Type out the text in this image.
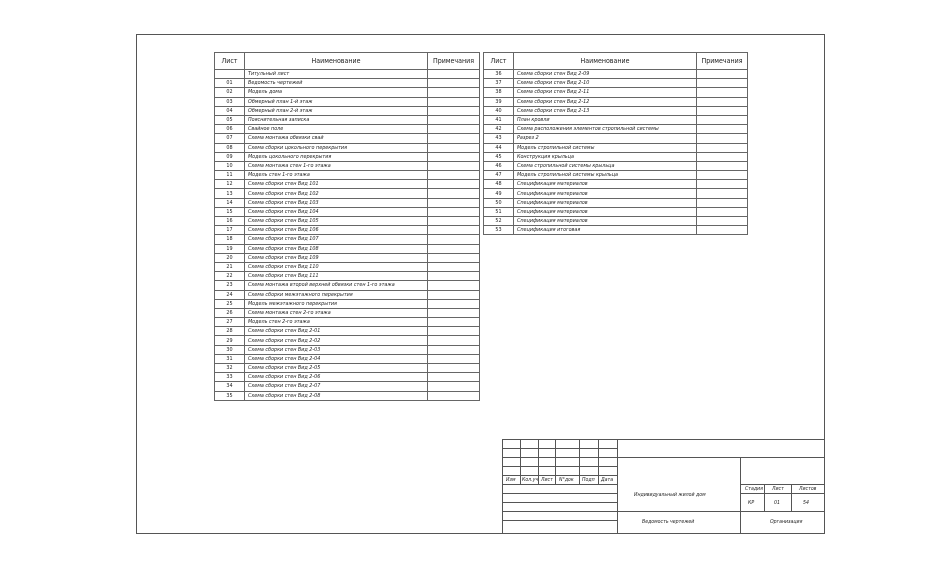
Лист	Наименование	Примечания
	Титульный лист	
01	Ведомость чертежей	
02	Модель дома	
03	Обмерный план 1-й этаж	
04	Обмерный план 2-й этаж	
05	Пояснительная записка	
06	Свайное поле	
07	Схема монтажа обвязки свай	
08	Схема сборки цокольного перекрытия	
09	Модель цокольного перекрытия	
10	Схема монтажа стен 1-го этажа	
11	Модель стен 1-го этажа	
12	Схема сборки стен Вид 101	
13	Схема сборки стен Вид 102	
14	Схема сборки стен Вид 103	
15	Схема сборки стен Вид 104	
16	Схема сборки стен Вид 105	
17	Схема сборки стен Вид 106	
18	Схема сборки стен Вид 107	
19	Схема сборки стен Вид 108	
20	Схема сборки стен Вид 109	
21	Схема сборки стен Вид 110	
22	Схема сборки стен Вид 111	
23	Схема монтажа второй верхней обвязки стен 1-го этажа	
24	Схема сборки межэтажного перекрытия	
25	Модель межэтажного перекрытия	
26	Схема монтажа стен 2-го этажа	
27	Модель стен 2-го этажа	
28	Схема сборки стен Вид 2-01	
29	Схема сборки стен Вид 2-02	
30	Схема сборки стен Вид 2-03	
31	Схема сборки стен Вид 2-04	
32	Схема сборки стен Вид 2-05	
33	Схема сборки стен Вид 2-06	
34	Схема сборки стен Вид 2-07	
35	Схема сборки стен Вид 2-08	
Лист	Наименование	Примечания
36	Схема сборки стен Вид 2-09	
37	Схема сборки стен Вид 2-10	
38	Схема сборки стен Вид 2-11	
39	Схема сборки стен Вид 2-12	
40	Схема сборки стен Вид 2-13	
41	План кровли	
42	Схема расположения элементов стропильной системы	
43	Разрез 2	
44	Модель стропильной системы	
45	Конструкция крыльца	
46	Схема стропильной системы крыльца	
47	Модель стропильной системы крыльца	
48	Спецификация материалов	
49	Спецификация материалов	
50	Спецификация материалов	
51	Спецификация материалов	
52	Спецификация материалов	
53	Спецификация итоговая	
Изм Кол.уч Лист N°док Подп Дата
Индивидуальный жилой дом
Ведомость чертежей
Стадия Лист	Листов
КР	01	54
Организация
